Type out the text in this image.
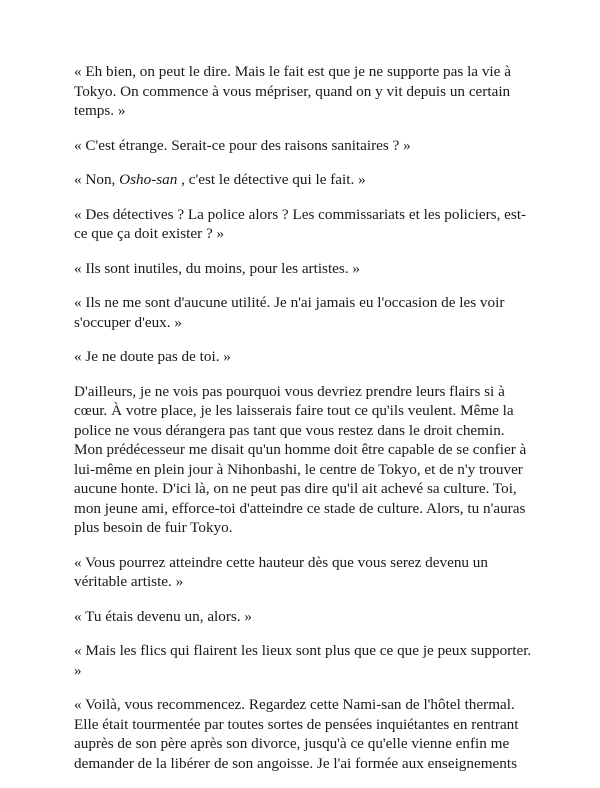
« Eh bien, on peut le dire. Mais le fait est que je ne supporte pas la vie à Tokyo. On commence à vous mépriser, quand on y vit depuis un certain temps. »

« C'est étrange. Serait-ce pour des raisons sanitaires ? »

« Non, Osho-san , c'est le détective qui le fait. »

« Des détectives ? La police alors ? Les commissariats et les policiers, est-ce que ça doit exister ? »

« Ils sont inutiles, du moins, pour les artistes. »

« Ils ne me sont d'aucune utilité. Je n'ai jamais eu l'occasion de les voir s'occuper d'eux. »

« Je ne doute pas de toi. »

D'ailleurs, je ne vois pas pourquoi vous devriez prendre leurs flairs si à cœur. À votre place, je les laisserais faire tout ce qu'ils veulent. Même la police ne vous dérangera pas tant que vous restez dans le droit chemin. Mon prédécesseur me disait qu'un homme doit être capable de se confier à lui-même en plein jour à Nihonbashi, le centre de Tokyo, et de n'y trouver aucune honte. D'ici là, on ne peut pas dire qu'il ait achevé sa culture. Toi, mon jeune ami, efforce-toi d'atteindre ce stade de culture. Alors, tu n'auras plus besoin de fuir Tokyo.

« Vous pourrez atteindre cette hauteur dès que vous serez devenu un véritable artiste. »

« Tu étais devenu un, alors. »

« Mais les flics qui flairent les lieux sont plus que ce que je peux supporter. »

« Voilà, vous recommencez. Regardez cette Nami-san de l'hôtel thermal. Elle était tourmentée par toutes sortes de pensées inquiétantes en rentrant auprès de son père après son divorce, jusqu'à ce qu'elle vienne enfin me demander de la libérer de son angoisse. Je l'ai formée aux enseignements
